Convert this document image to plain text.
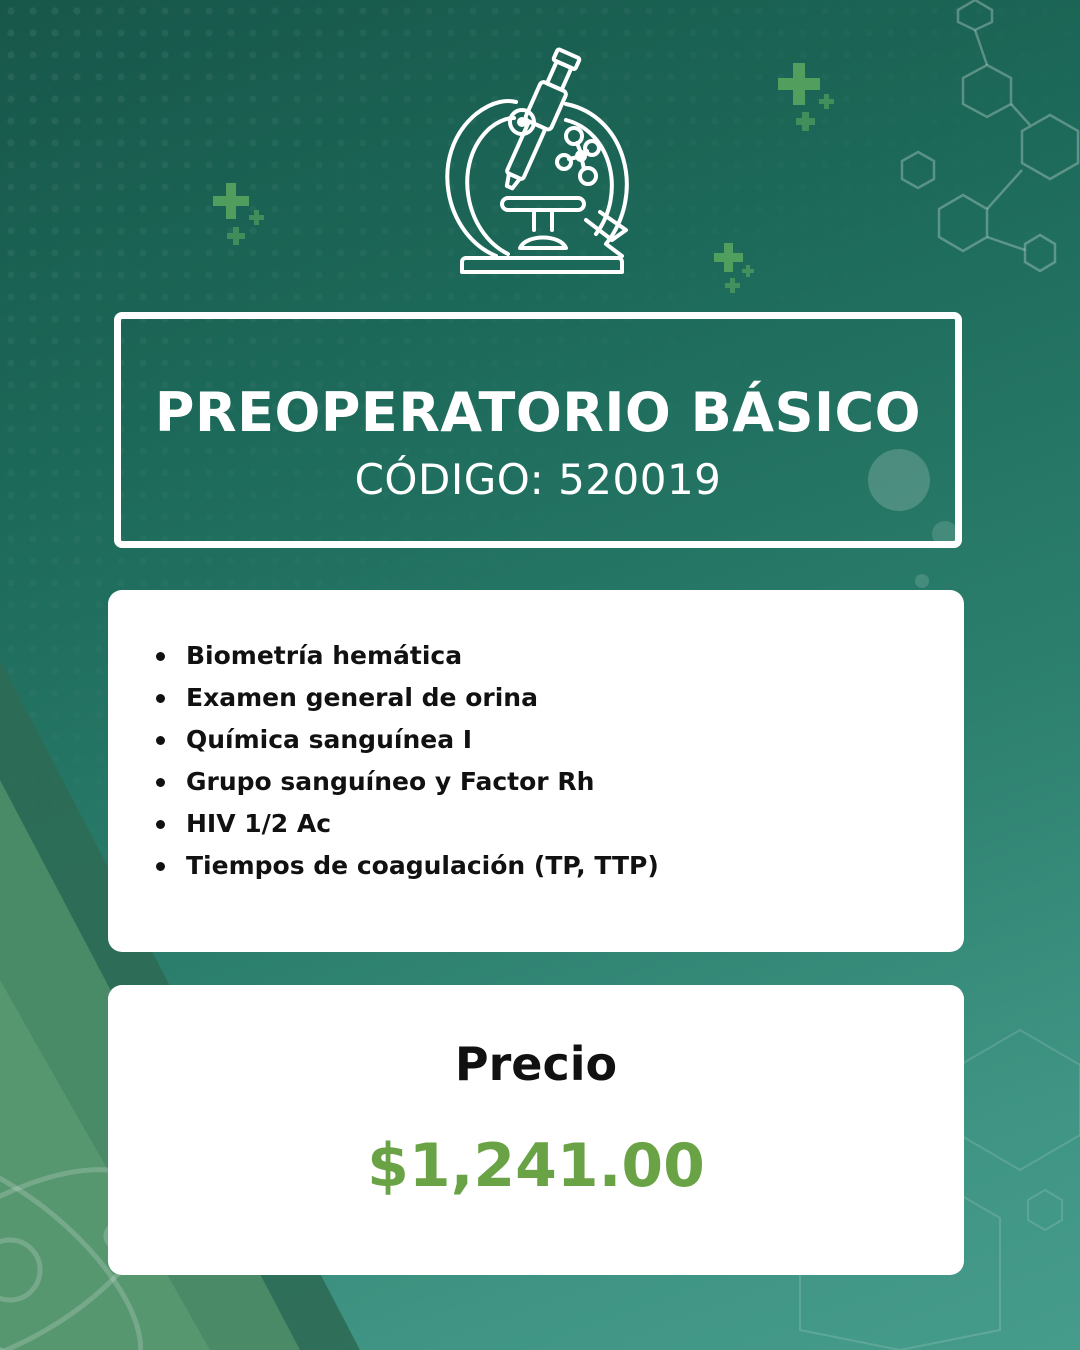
PREOPERATORIO BÁSICO
CÓDIGO: 520019
Biometría hemática
Examen general de orina
Química sanguínea I
Grupo sanguíneo y Factor Rh
HIV 1/2 Ac
Tiempos de coagulación (TP, TTP)
Precio
$1,241.00
